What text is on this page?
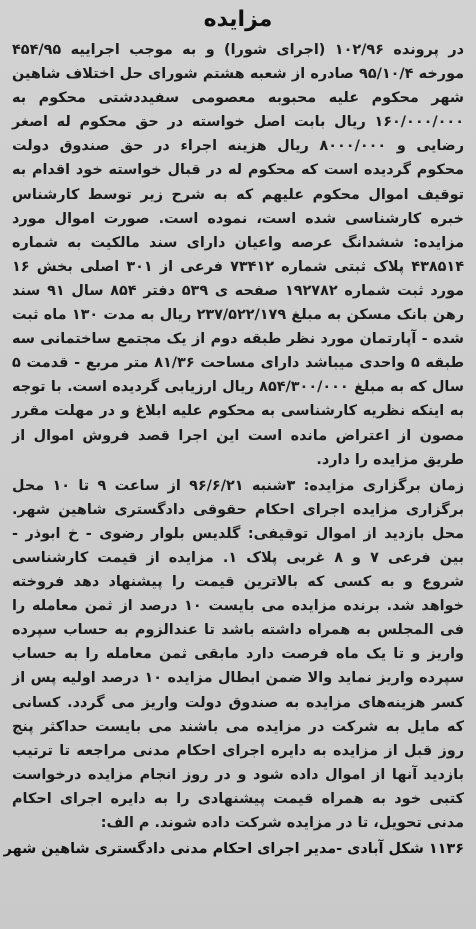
مزایده

در پرونده ۱۰۲/۹۶ (اجرای شورا) و به موجب اجراییه ۴۵۴/۹۵ مورخه ۹۵/۱۰/۴ صادره از شعبه هشتم شورای حل اختلاف شاهین شهر محکوم علیه محبوبه معصومی سفیددشتی محکوم به ۱۶۰/۰۰۰/۰۰۰ ریال بابت اصل خواسته در حق محکوم له اصغر رضایی و ۸۰۰۰/۰۰۰ ریال هزینه اجراء در حق صندوق دولت محکوم گردیده است که محکوم له در قبال خواسته خود اقدام به توقیف اموال محکوم علیهم که به شرح زیر توسط کارشناس خبره کارشناسی شده است، نموده است. صورت اموال مورد مزایده: ششدانگ عرصه واعیان دارای سند مالکیت به شماره ۴۳۸۵۱۴ پلاک ثبتی شماره ۷۳۴۱۲ فرعی از ۳۰۱ اصلی بخش ۱۶ مورد ثبت شماره ۱۹۲۷۸۲ صفحه ی ۵۳۹ دفتر ۸۵۴ سال ۹۱ سند رهن بانک مسکن به مبلغ ۲۳۷/۵۲۲/۱۷۹ ریال به مدت ۱۳۰ ماه ثبت شده - آپارتمان مورد نظر طبقه دوم از یک مجتمع ساختمانی سه طبقه ۵ واحدی میباشد دارای مساحت ۸۱/۳۶ متر مربع - قدمت ۵ سال که به مبلغ ۸۵۴/۳۰۰/۰۰۰ ریال ارزیابی گردیده است. با توجه به اینکه نظریه کارشناسی به محکوم علیه ابلاغ و در مهلت مقرر مصون از اعتراض مانده است این اجرا قصد فروش اموال از طریق مزایده را دارد.

زمان برگزاری مزایده: ۳شنبه ۹۶/۶/۲۱ از ساعت ۹ تا ۱۰ محل برگزاری مزایده اجرای احکام حقوقی دادگستری شاهین شهر. محل بازدید از اموال توقیفی: گلدیس بلوار رضوی - خ ابوذر - بین فرعی ۷ و ۸ غربی پلاک ۱. مزایده از قیمت کارشناسی شروع و به کسی که بالاترین قیمت را پیشنهاد دهد فروخته خواهد شد. برنده مزایده می بایست ۱۰ درصد از ثمن معامله را فی المجلس به همراه داشته باشد تا عندالزوم به حساب سپرده واریز و تا یک ماه فرصت دارد مابقی ثمن معامله را به حساب سپرده واریز نماید والا ضمن ابطال مزایده ۱۰ درصد اولیه پس از کسر هزینه‌های مزایده به صندوق دولت واریز می گردد. کسانی که مایل به شرکت در مزایده می باشند می بایست حداکثر پنج روز قبل از مزایده به دایره اجرای احکام مدنی مراجعه تا ترتیب بازدید آنها از اموال داده شود و در روز انجام مزایده درخواست کتبی خود به همراه قیمت پیشنهادی را به دایره اجرای احکام مدنی تحویل، تا در مزایده شرکت داده شوند. م الف:

۱۱۳۶ شکل آبادی -مدیر اجرای احکام مدنی دادگستری شاهین شهر
